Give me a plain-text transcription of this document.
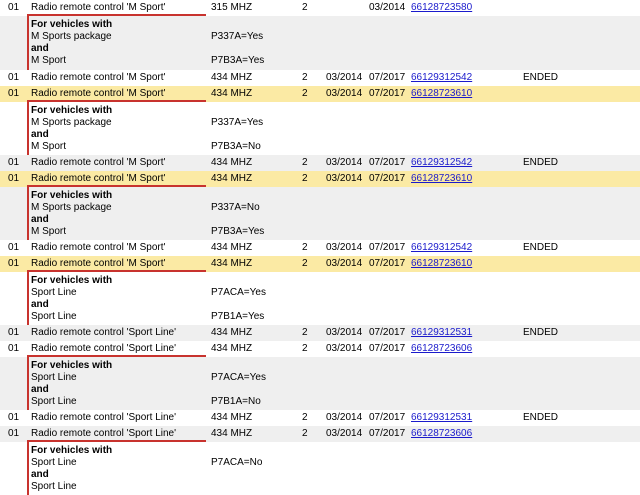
01 Radio remote control 'M Sport'	315 MHZ	2	03/2014 66128723580
For vehicles with
M Sports package
and
M Sport
P337A=Yes
P7B3A=Yes
01 Radio remote control 'M Sport'	434 MHZ	2 03/2014 07/2017 66129312542	ENDED
01 Radio remote control 'M Sport'	434 MHZ	2 03/2014 07/2017 66128723610
For vehicles with
M Sports package
and
M Sport
P337A=Yes
P7B3A=No
01 Radio remote control 'M Sport'	434 MHZ	2 03/2014 07/2017 66129312542	ENDED
01 Radio remote control 'M Sport'	434 MHZ	2 03/2014 07/2017 66128723610
For vehicles with
M Sports package
and
M Sport
P337A=No
P7B3A=Yes
01 Radio remote control 'M Sport'	434 MHZ	2 03/2014 07/2017 66129312542	ENDED
01 Radio remote control 'M Sport'	434 MHZ	2 03/2014 07/2017 66128723610
For vehicles with
Sport Line
and
Sport Line
P7ACA=Yes
P7B1A=Yes
01 Radio remote control 'Sport Line'	434 MHZ	2 03/2014 07/2017 66129312531	ENDED
01 Radio remote control 'Sport Line'	434 MHZ	2 03/2014 07/2017 66128723606
For vehicles with
Sport Line
and
Sport Line
P7ACA=Yes
P7B1A=No
01 Radio remote control 'Sport Line'	434 MHZ	2 03/2014 07/2017 66129312531	ENDED
01 Radio remote control 'Sport Line'	434 MHZ	2 03/2014 07/2017 66128723606
For vehicles with
Sport Line
and
Sport Line
P7ACA=No
